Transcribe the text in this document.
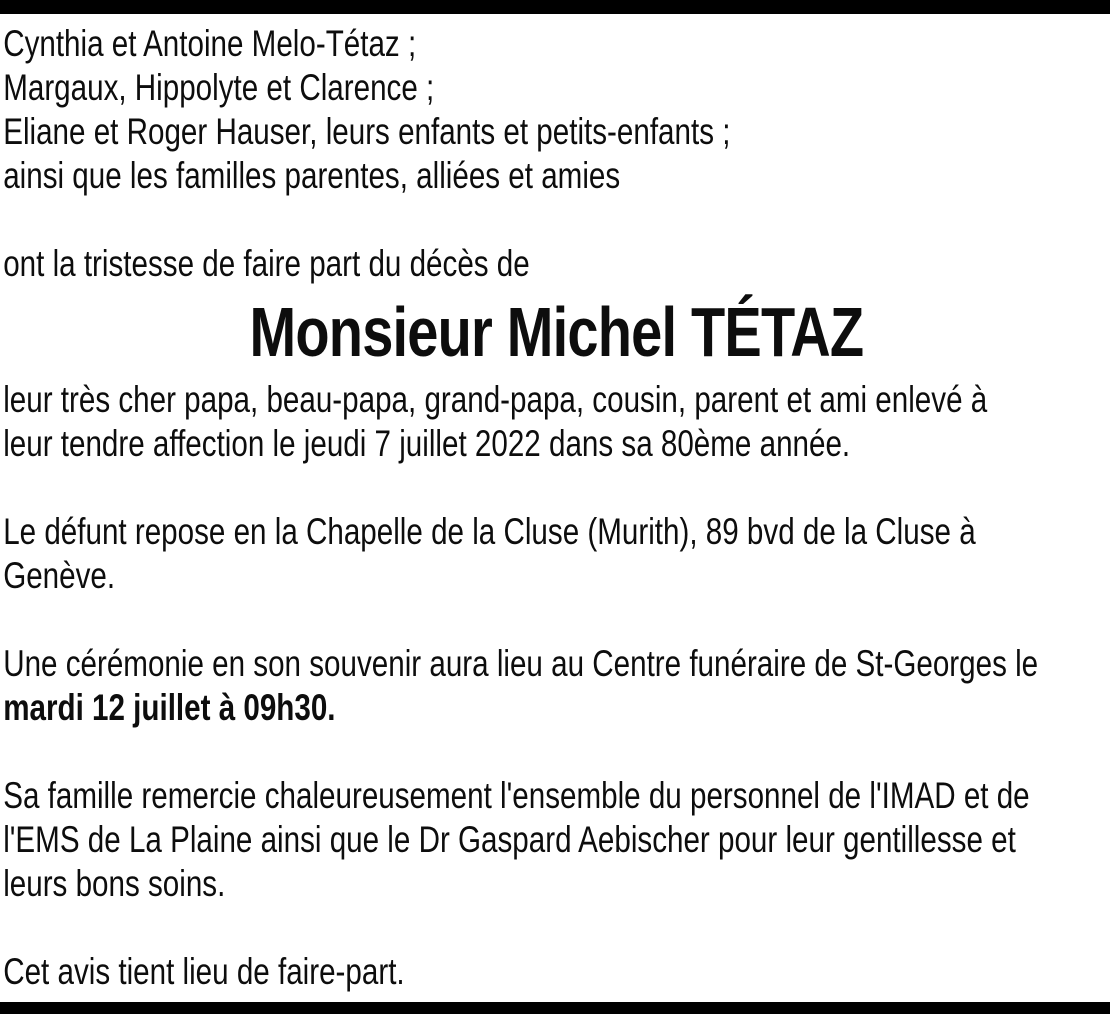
Cynthia et Antoine Melo-Tétaz ;
Margaux, Hippolyte et Clarence ;
Eliane et Roger Hauser, leurs enfants et petits-enfants ;
ainsi que les familles parentes, alliées et amies
ont la tristesse de faire part du décès de
Monsieur Michel TÉTAZ
leur très cher papa, beau-papa, grand-papa, cousin, parent et ami enlevé à
leur tendre affection le jeudi 7 juillet 2022 dans sa 80ème année.
Le défunt repose en la Chapelle de la Cluse (Murith), 89 bvd de la Cluse à
Genève.
Une cérémonie en son souvenir aura lieu au Centre funéraire de St-Georges le
mardi 12 juillet à 09h30.
Sa famille remercie chaleureusement l'ensemble du personnel de l'IMAD et de
l'EMS de La Plaine ainsi que le Dr Gaspard Aebischer pour leur gentillesse et
leurs bons soins.
Cet avis tient lieu de faire-part.
